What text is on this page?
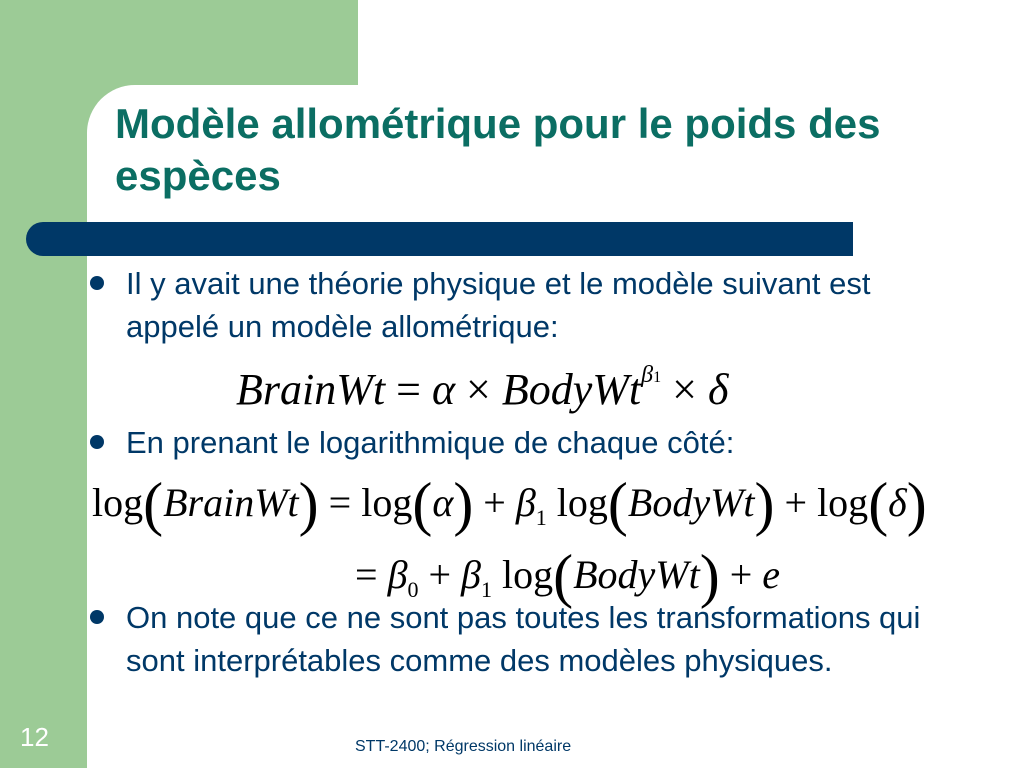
Modèle allométrique pour le poids des espèces
Il y avait une théorie physique et le modèle suivant est appelé un modèle allométrique:
BrainWt = α × BodyWt$^{\beta 1}$ × δ
En prenant le logarithmique de chaque côté:
log(BrainWt) = $\log(\alpha) + \beta_1$ log(BodyWt) + log(δ)
= $\beta_0 + \beta_1$ log(BodyWt) + e
On note que ce ne sont pas toutes les transformations qui sont interprétables comme des modèles physiques.
12	STT-2400; Régression linéaire
